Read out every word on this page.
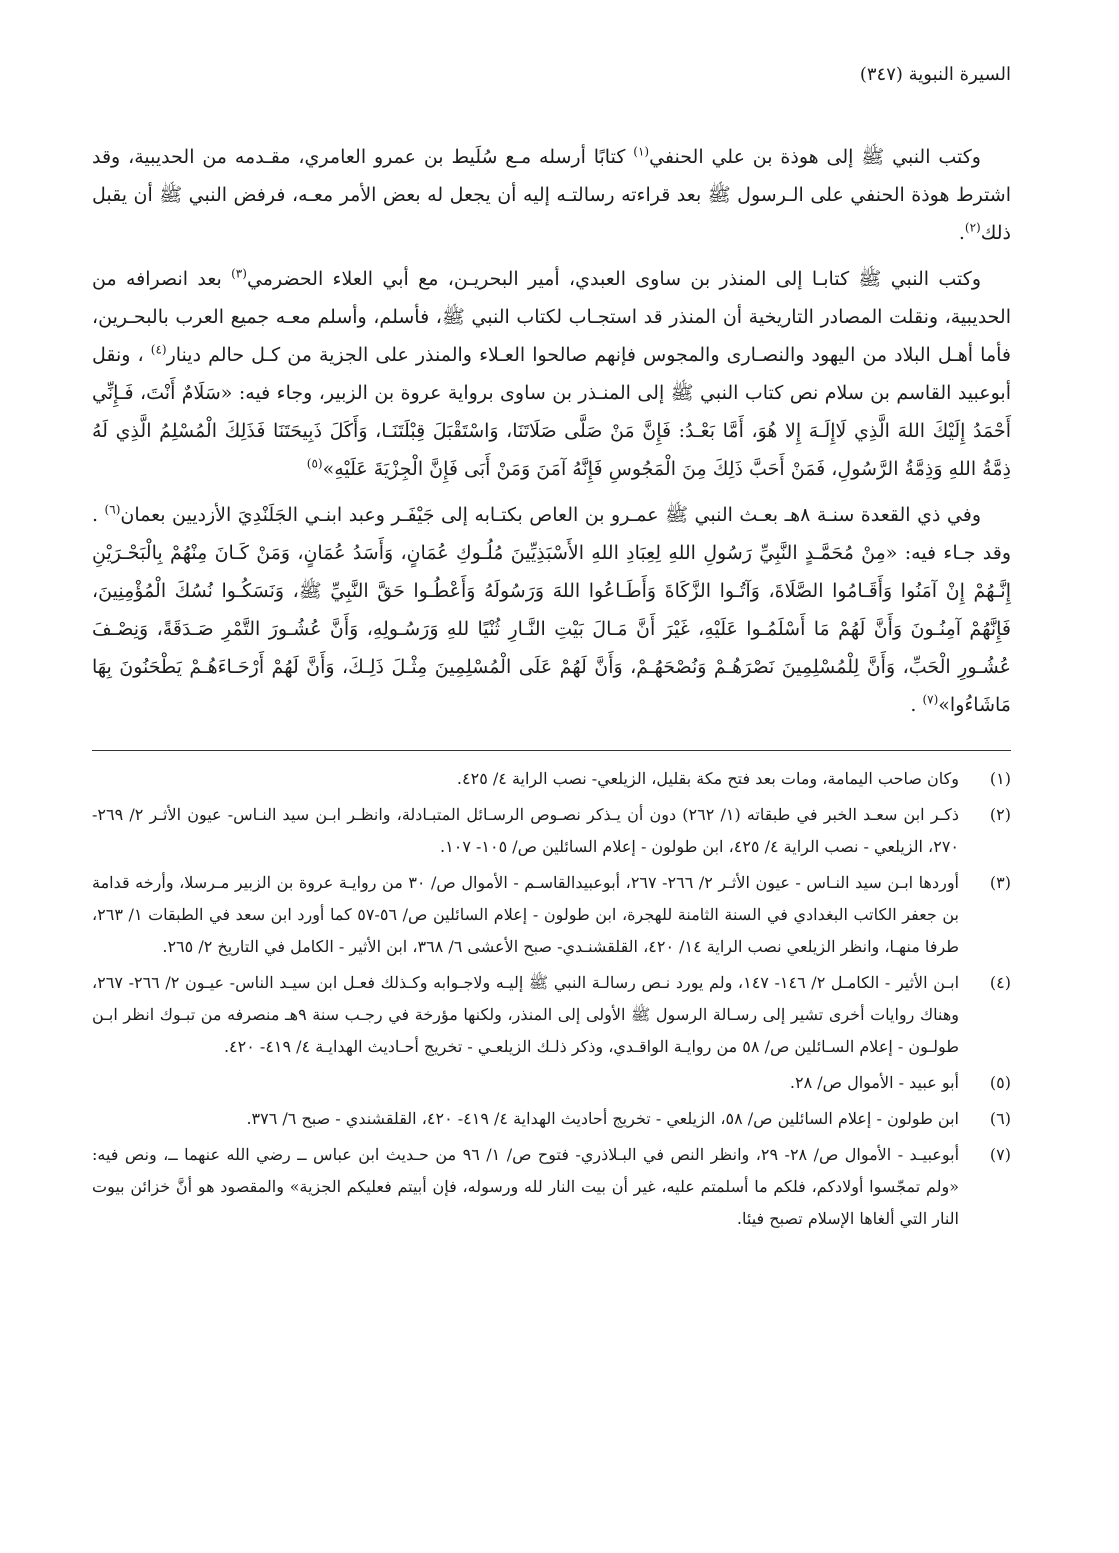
السيرة النبوية (٣٤٧)

وكتب النبي ﷺ إلى هوذة بن علي الحنفي$^{(١)}$ كتابًا أرسله مـع سُلَيط بن عمرو العامري، مقـدمه من الحديبية، وقد اشترط هوذة الحنفي على الـرسول ﷺ بعد قراءته رسالتـه إليه أن يجعل له بعض الأمر معـه، فرفض النبي ﷺ أن يقبل ذلك$^{(٢)}$.

وكتب النبي ﷺ كتابـا إلى المنذر بن ساوى العبدي، أمير البحريـن، مع أبي العلاء الحضرمي$^{(٣)}$ بعد انصرافه من الحديبية، ونقلت المصادر التاريخية أن المنذر قد استجـاب لكتاب النبي ﷺ، فأسلم، وأسلم معـه جميع العرب بالبحـرين، فأما أهـل البلاد من اليهود والنصـارى والمجوس فإنهم صالحوا العـلاء والمنذر على الجزية من كـل حالم دينار$^{(٤)}$ ، ونقل أبوعبيد القاسم بن سلام نص كتاب النبي ﷺ إلى المنـذر بن ساوى برواية عروة بن الزبير، وجاء فيه: «سَلَامٌ أَنْتَ، فَـإِنِّي أَحْمَدُ إِلَيْكَ اللهَ الَّذِي لَاإِلَـهَ إِلا هُوَ، أَمَّا بَعْـدُ: فَإِنَّ مَنْ صَلَّى صَلَاتَنَا، وَاسْتَقْبَلَ قِبْلَتَنَـا، وَأَكَلَ ذَبِيحَتَنَا فَذَلِكَ الْمُسْلِمُ الَّذِي لَهُ ذِمَّةُ اللهِ وَذِمَّةُ الرَّسُولِ، فَمَنْ أَحَبَّ ذَلِكَ مِنَ الْمَجُوسِ فَإِنَّهُ آمَنَ وَمَنْ أَبَى فَإِنَّ الْجِزْيَةَ عَلَيْهِ»$^{(٥)}$

وفي ذي القعدة سنـة ٨هـ بعـث النبي ﷺ عمـرو بن العاص بكتـابه إلى جَيْفَـر وعبد ابنـي الجَلَنْدِيَ الأزديين بعمان$^{(٦)}$ . وقد جـاء فيه: «مِنْ مُحَمَّـدٍ النَّبِيِّ رَسُولِ اللهِ لِعِبَادِ اللهِ الأَسْبَذِيِّينَ مُلُـوكِ عُمَانٍ، وَأَسَدُ عُمَانٍ، وَمَنْ كَـانَ مِنْهُمْ بِالْبَحْـرَيْنِ إِنَّـهُمْ إِنْ آمَنُوا وَأَقَـامُوا الصَّلَاةَ، وَآتُـوا الزَّكَاةَ وَأَطَـاعُوا اللهَ وَرَسُولَهُ وَأَعْطُـوا حَقَّ النَّبِيِّ ﷺ، وَنَسَكُـوا نُسُكَ الْمُؤْمِنِينَ، فَإِنَّهُمْ آمِنُـونَ وَأَنَّ لَهُمْ مَا أَسْلَمُـوا عَلَيْهِ، غَيْرَ أَنَّ مَـالَ بَيْتِ النَّـارِ ثُنْيًا للهِ وَرَسُـولِهِ، وَأَنَّ عُشُـورَ التَّمْرِ صَـدَقَةً، وَنِصْـفَ عُشُـورِ الْحَبِّ، وَأَنَّ لِلْمُسْلِمِينَ نَصْرَهُـمْ وَنُصْحَهُـمْ، وَأَنَّ لَهُمْ عَلَى الْمُسْلِمِينَ مِثْـلَ ذَلِـكَ، وَأَنَّ لَهُمْ أَرْحَـاءَهُـمْ يَطْحَنُونَ بِهَا مَاشَاءُوا»$^{(٧)}$ .

(١)
وكان صاحب اليمامة، ومات بعد فتح مكة بقليل، الزيلعي- نصب الراية ٤/ ٤٢٥.
(٢)
ذكـر ابن سعـد الخبر في طبقاته (١/ ٢٦٢) دون أن يـذكر نصـوص الرسـائل المتبـادلة، وانظـر ابـن سيد النـاس- عيون الأثـر ٢/ ٢٦٩- ٢٧٠، الزيلعي - نصب الراية ٤/ ٤٢٥، ابن طولون - إعلام السائلين ص/ ١٠٥- ١٠٧.
(٣)
أوردها ابـن سيد النـاس - عيون الأثـر ٢/ ٢٦٦- ٢٦٧، أبوعبيدالقاسـم - الأموال ص/ ٣٠ من روايـة عروة بن الزبير مـرسلا، وأرخه قدامة بن جعفر الكاتب البغدادي في السنة الثامنة للهجرة، ابن طولون - إعلام السائلين ص/ ٥٦-٥٧ كما أورد ابن سعد في الطبقات ١/ ٢٦٣، طرفا منهـا، وانظر الزيلعي نصب الراية ١٤/ ٤٢٠، القلقشنـدي- صبح الأعشى ٦/ ٣٦٨، ابن الأثير - الكامل في التاريخ ٢/ ٢٦٥.
(٤)
ابـن الأثير - الكامـل ٢/ ١٤٦- ١٤٧، ولم يورد نـص رسالـة النبي ﷺ إليـه ولاجـوابه وكـذلك فعـل ابن سيـد الناس- عيـون ٢/ ٢٦٦- ٢٦٧، وهناك روايات أخرى تشير إلى رسـالة الرسول ﷺ الأولى إلى المنذر، ولكنها مؤرخة في رجـب سنة ٩هـ منصرفه من تبـوك انظر ابـن طولـون - إعلام السـائلين ص/ ٥٨ من روايـة الواقـدي، وذكر ذلـك الزيلعـي - تخريج أحـاديث الهدايـة ٤/ ٤١٩- ٤٢٠.
(٥)
أبو عبيد - الأموال ص/ ٢٨.
(٦)
ابن طولون - إعلام السائلين ص/ ٥٨، الزيلعي - تخريج أحاديث الهداية ٤/ ٤١٩- ٤٢٠، القلقشندي - صبح ٦/ ٣٧٦.
(٧)
أبوعبيـد - الأموال ص/ ٢٨- ٢٩، وانظر النص في البـلاذري- فتوح ص/ ١/ ٩٦ من حـديث ابن عباس ــ رضي الله عنهما ــ، ونص فيه: «ولم تمجّسوا أولادكم، فلكم ما أسلمتم عليه، غير أن بيت النار لله ورسوله، فإن أبيتم فعليكم الجزية» والمقصود هو أنَّ خزائن بيوت النار التي ألغاها الإسلام تصبح فيئا.
